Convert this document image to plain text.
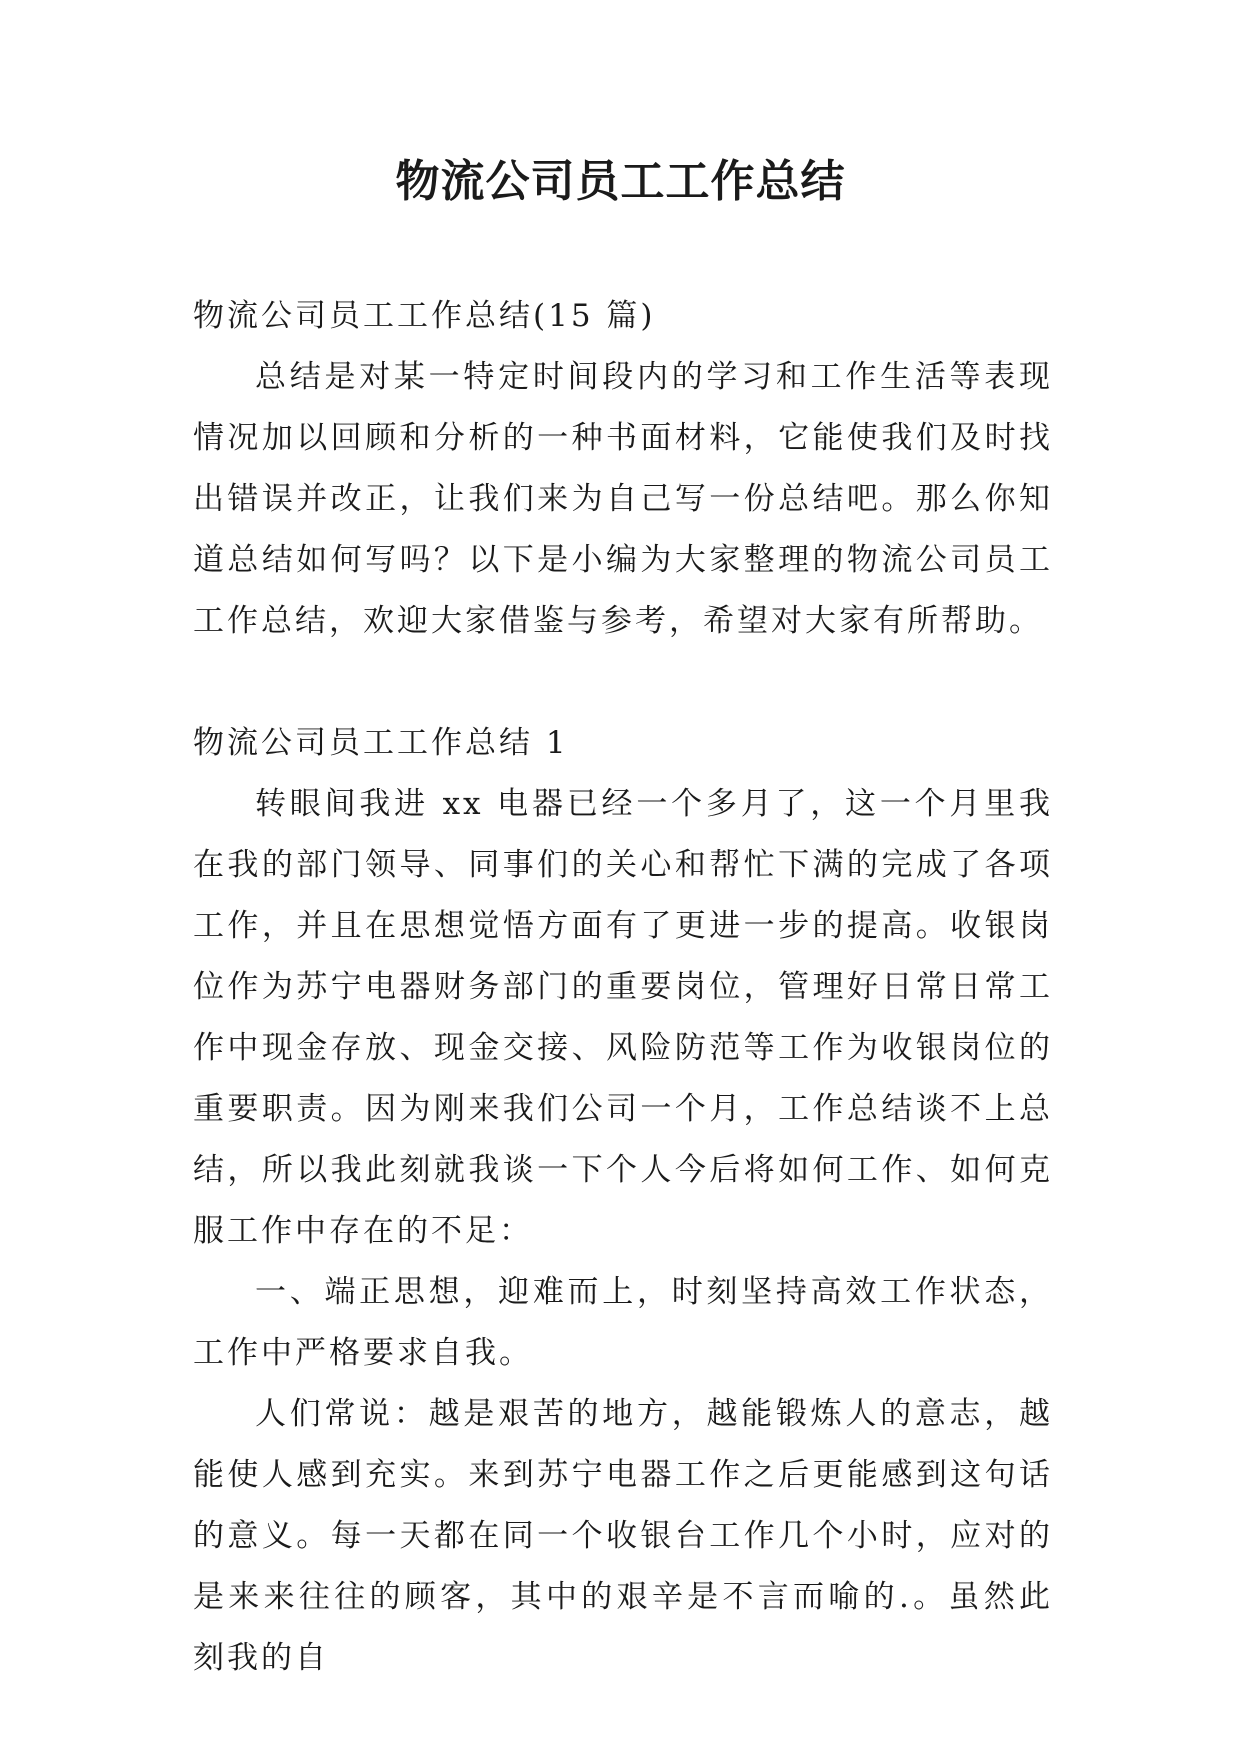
物流公司员工工作总结

物流公司员工工作总结(15 篇)

总结是对某一特定时间段内的学习和工作生活等表现情况加以回顾和分析的一种书面材料，它能使我们及时找出错误并改正，让我们来为自己写一份总结吧。那么你知道总结如何写吗？以下是小编为大家整理的物流公司员工工作总结，欢迎大家借鉴与参考，希望对大家有所帮助。

物流公司员工工作总结 1

转眼间我进 xx 电器已经一个多月了，这一个月里我在我的部门领导、同事们的关心和帮忙下满的完成了各项工作，并且在思想觉悟方面有了更进一步的提高。收银岗位作为苏宁电器财务部门的重要岗位，管理好日常日常工作中现金存放、现金交接、风险防范等工作为收银岗位的重要职责。因为刚来我们公司一个月，工作总结谈不上总结，所以我此刻就我谈一下个人今后将如何工作、如何克服工作中存在的不足：

一、端正思想，迎难而上，时刻坚持高效工作状态，工作中严格要求自我。

人们常说：越是艰苦的地方，越能锻炼人的意志，越能使人感到充实。来到苏宁电器工作之后更能感到这句话的意义。每一天都在同一个收银台工作几个小时，应对的是来来往往的顾客，其中的艰辛是不言而喻的.。虽然此刻我的自
